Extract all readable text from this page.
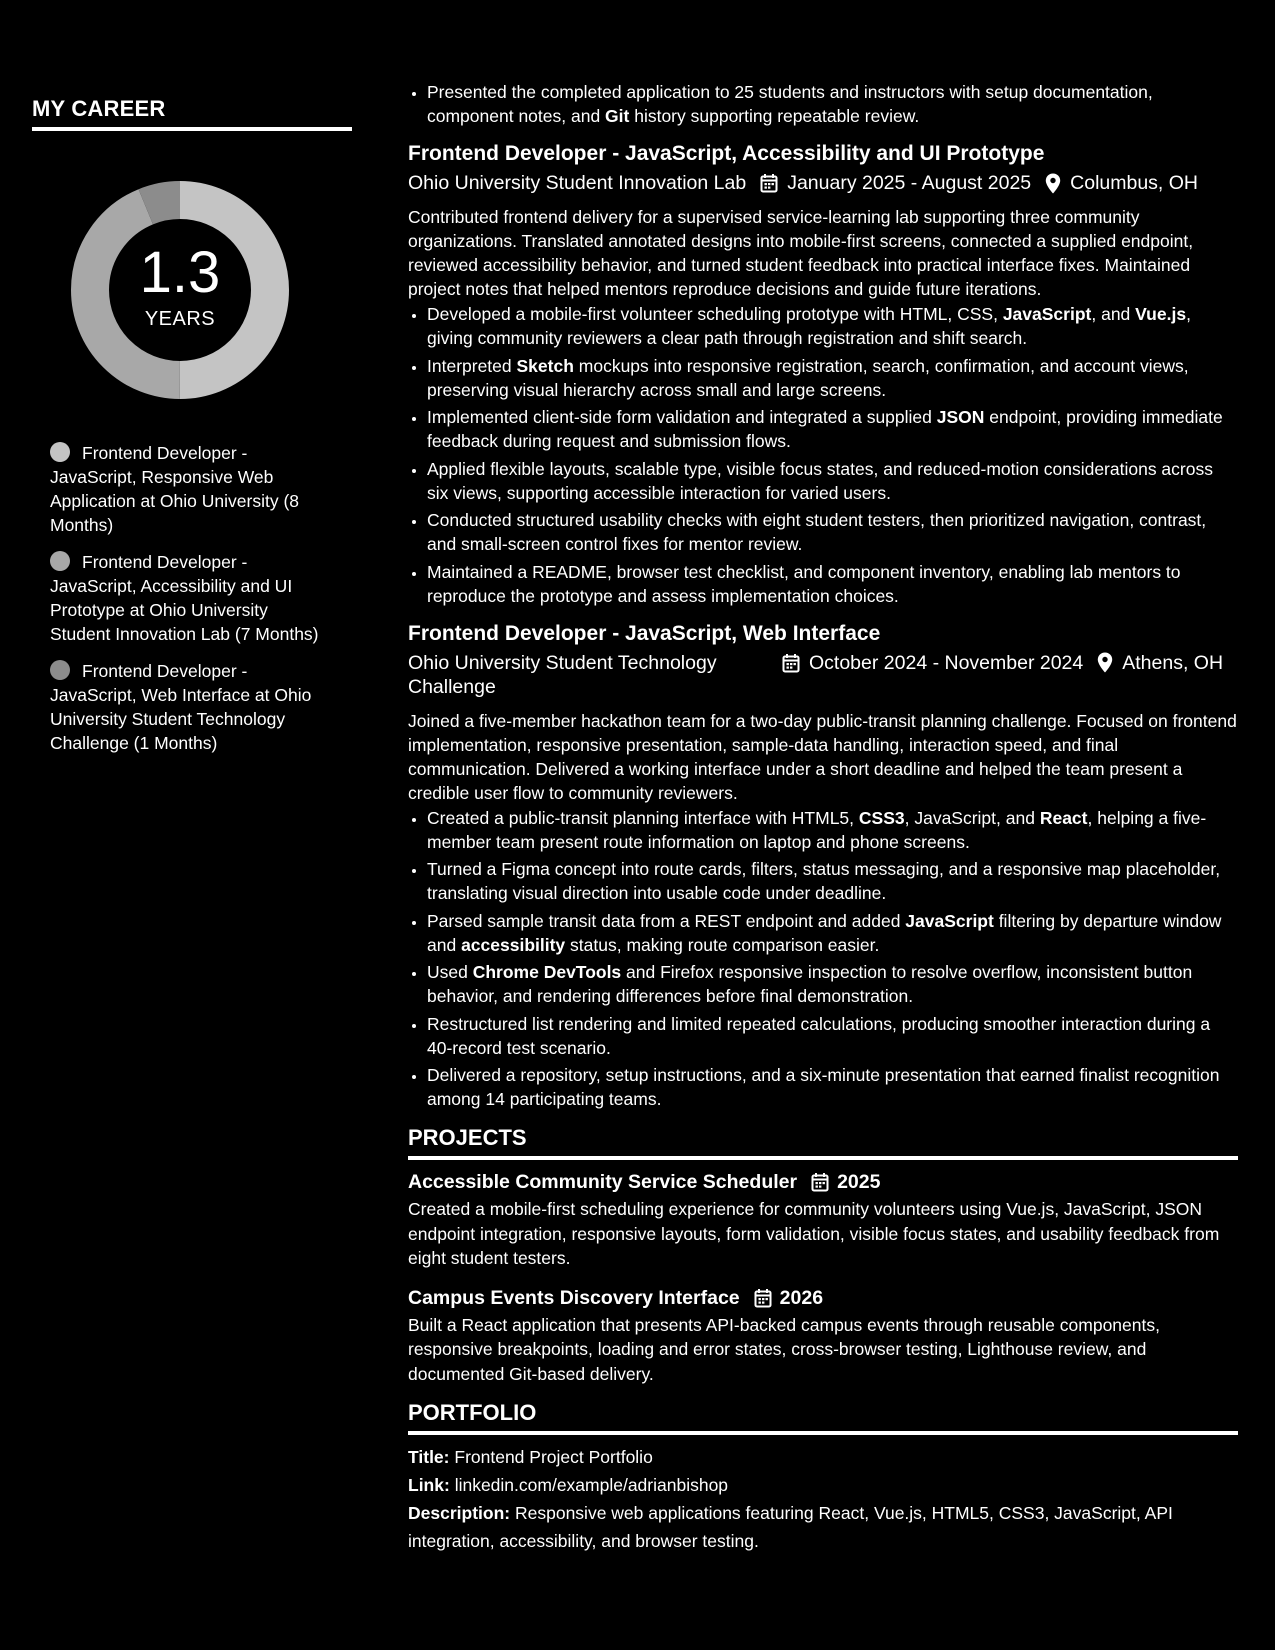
MY CAREER
1.3
YEARS
Frontend Developer - JavaScript, Responsive Web Application at Ohio University (8 Months)
Frontend Developer - JavaScript, Accessibility and UI Prototype at Ohio University Student Innovation Lab (7 Months)
Frontend Developer - JavaScript, Web Interface at Ohio University Student Technology Challenge (1 Months)
• Presented the completed application to 25 students and instructors with setup documentation, component notes, and Git history supporting repeatable review.
Frontend Developer - JavaScript, Accessibility and UI Prototype
Ohio University Student Innovation Lab January 2025 - August 2025 Columbus, OH
Contributed frontend delivery for a supervised service-learning lab supporting three community organizations. Translated annotated designs into mobile-first screens, connected a supplied endpoint, reviewed accessibility behavior, and turned student feedback into practical interface fixes. Maintained project notes that helped mentors reproduce decisions and guide future iterations.
• Developed a mobile-first volunteer scheduling prototype with HTML, CSS, JavaScript, and Vue.js, giving community reviewers a clear path through registration and shift search.
• Interpreted Sketch mockups into responsive registration, search, confirmation, and account views, preserving visual hierarchy across small and large screens.
• Implemented client-side form validation and integrated a supplied JSON endpoint, providing immediate feedback during request and submission flows.
• Applied flexible layouts, scalable type, visible focus states, and reduced-motion considerations across six views, supporting accessible interaction for varied users.
• Conducted structured usability checks with eight student testers, then prioritized navigation, contrast, and small-screen control fixes for mentor review.
• Maintained a README, browser test checklist, and component inventory, enabling lab mentors to reproduce the prototype and assess implementation choices.
Frontend Developer - JavaScript, Web Interface
Ohio University Student Technology Challenge
October 2024 - November 2024 Athens, OH
Joined a five-member hackathon team for a two-day public-transit planning challenge. Focused on frontend implementation, responsive presentation, sample-data handling, interaction speed, and final communication. Delivered a working interface under a short deadline and helped the team present a credible user flow to community reviewers.
• Created a public-transit planning interface with HTML5, CSS3, JavaScript, and React, helping a five-member team present route information on laptop and phone screens.
• Turned a Figma concept into route cards, filters, status messaging, and a responsive map placeholder, translating visual direction into usable code under deadline.
• Parsed sample transit data from a REST endpoint and added JavaScript filtering by departure window and accessibility status, making route comparison easier.
• Used Chrome DevTools and Firefox responsive inspection to resolve overflow, inconsistent button behavior, and rendering differences before final demonstration.
• Restructured list rendering and limited repeated calculations, producing smoother interaction during a 40-record test scenario.
• Delivered a repository, setup instructions, and a six-minute presentation that earned finalist recognition among 14 participating teams.
PROJECTS
Accessible Community Service Scheduler 2025
Created a mobile-first scheduling experience for community volunteers using Vue.js, JavaScript, JSON endpoint integration, responsive layouts, form validation, visible focus states, and usability feedback from eight student testers.
Campus Events Discovery Interface 2026
Built a React application that presents API-backed campus events through reusable components, responsive breakpoints, loading and error states, cross-browser testing, Lighthouse review, and documented Git-based delivery.
PORTFOLIO
Title: Frontend Project Portfolio
Link: linkedin.com/example/adrianbishop
Description: Responsive web applications featuring React, Vue.js, HTML5, CSS3, JavaScript, API integration, accessibility, and browser testing.
